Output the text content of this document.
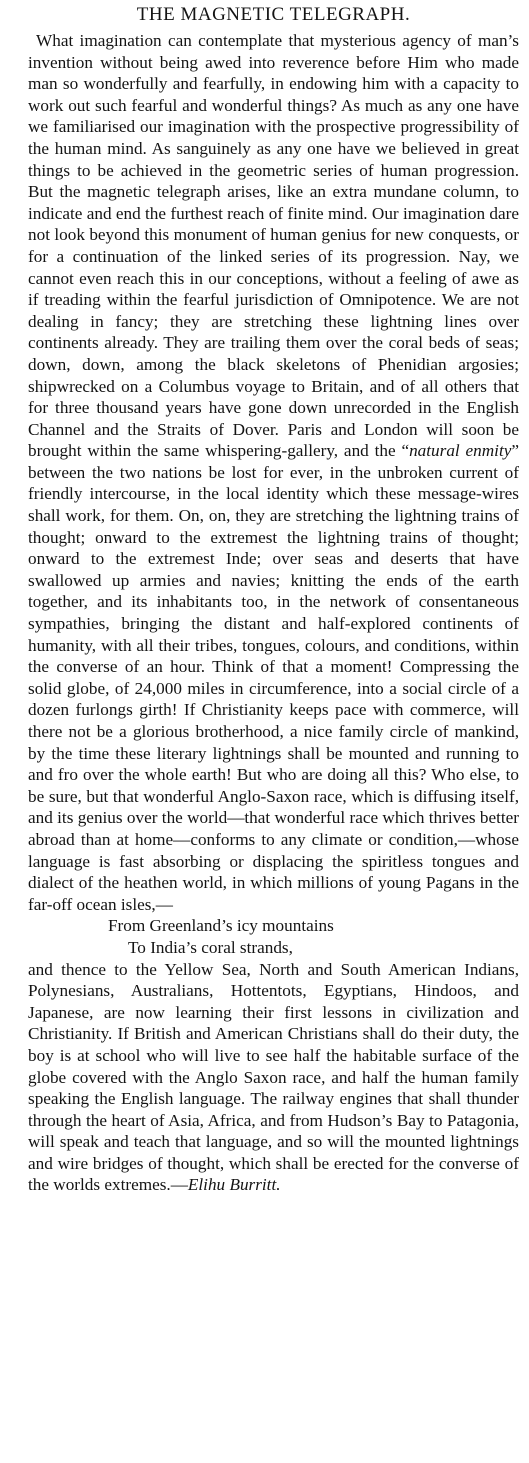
THE MAGNETIC TELEGRAPH.

What imagination can contemplate that mysterious agency of man’s invention without being awed into reverence before Him who made man so wonderfully and fearfully, in endowing him with a capacity to work out such fearful and wonderful things? As much as any one have we familiarised our imagination with the prospective progressibility of the human mind. As sanguinely as any one have we believed in great things to be achieved in the geometric series of human progression. But the magnetic telegraph arises, like an extra mundane column, to indicate and end the furthest reach of finite mind. Our imagination dare not look beyond this monument of human genius for new conquests, or for a continuation of the linked series of its progression. Nay, we cannot even reach this in our conceptions, without a feeling of awe as if treading within the fearful jurisdiction of Omnipotence. We are not dealing in fancy; they are stretching these lightning lines over continents already. They are trailing them over the coral beds of seas; down, down, among the black skeletons of Phenidian argosies; shipwrecked on a Columbus voyage to Britain, and of all others that for three thousand years have gone down unrecorded in the English Channel and the Straits of Dover. Paris and London will soon be brought within the same whispering-gallery, and the “natural enmity” between the two nations be lost for ever, in the unbroken current of friendly intercourse, in the local identity which these message-wires shall work, for them. On, on, they are stretching the lightning trains of thought; onward to the extremest the lightning trains of thought; onward to the extremest Inde; over seas and deserts that have swallowed up armies and navies; knitting the ends of the earth together, and its inhabitants too, in the network of consentaneous sympathies, bringing the distant and half-explored continents of humanity, with all their tribes, tongues, colours, and conditions, within the converse of an hour. Think of that a moment! Compressing the solid globe, of 24,000 miles in circumference, into a social circle of a dozen furlongs girth! If Christianity keeps pace with commerce, will there not be a glorious brotherhood, a nice family circle of mankind, by the time these literary lightnings shall be mounted and running to and fro over the whole earth! But who are doing all this? Who else, to be sure, but that wonderful Anglo-Saxon race, which is diffusing itself, and its genius over the world—that wonderful race which thrives better abroad than at home—conforms to any climate or condition,—whose language is fast absorbing or displacing the spiritless tongues and dialect of the heathen world, in which millions of young Pagans in the far-off ocean isles,—

From Greenland’s icy mountains
To India’s coral strands,

and thence to the Yellow Sea, North and South American Indians, Polynesians, Australians, Hottentots, Egyptians, Hindoos, and Japanese, are now learning their first lessons in civilization and Christianity. If British and American Christians shall do their duty, the boy is at school who will live to see half the habitable surface of the globe covered with the Anglo Saxon race, and half the human family speaking the English language. The railway engines that shall thunder through the heart of Asia, Africa, and from Hudson’s Bay to Patagonia, will speak and teach that language, and so will the mounted lightnings and wire bridges of thought, which shall be erected for the converse of the worlds extremes.—Elihu Burritt.
